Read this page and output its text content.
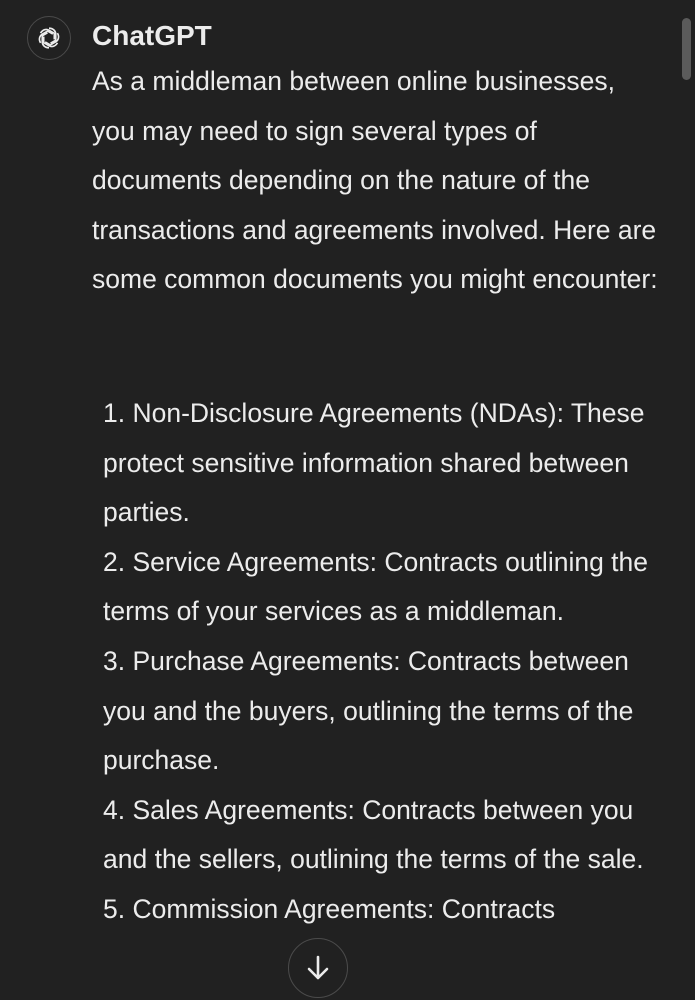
ChatGPT

As a middleman between online businesses, you may need to sign several types of documents depending on the nature of the transactions and agreements involved. Here are some common documents you might encounter:

1. Non-Disclosure Agreements (NDAs): These protect sensitive information shared between parties.
2. Service Agreements: Contracts outlining the terms of your services as a middleman.
3. Purchase Agreements: Contracts between you and the buyers, outlining the terms of the purchase.
4. Sales Agreements: Contracts between you and the sellers, outlining the terms of the sale.
5. Commission Agreements: Contracts
